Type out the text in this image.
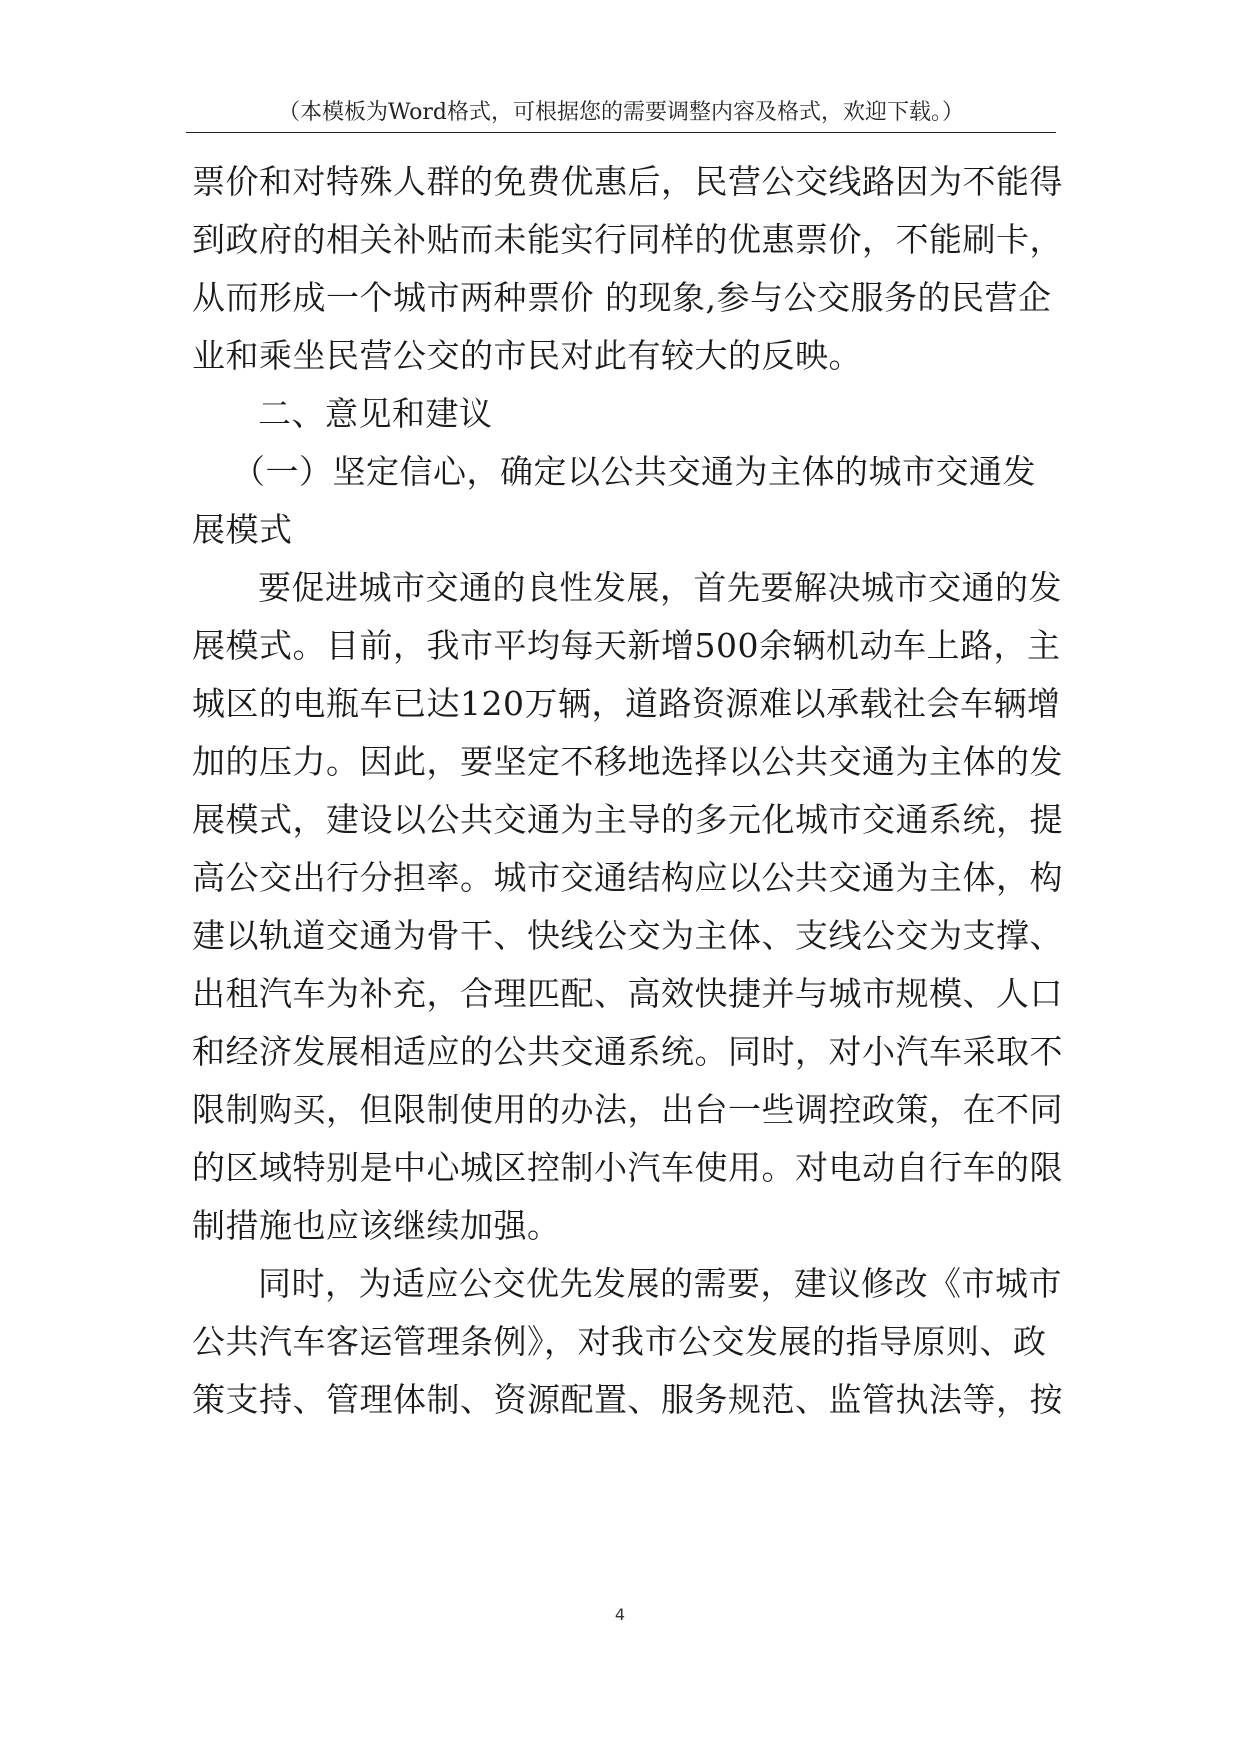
（本模板为Word格式，可根据您的需要调整内容及格式，欢迎下载。）
票价和对特殊人群的免费优惠后，民营公交线路因为不能得
到政府的相关补贴而未能实行同样的优惠票价，不能刷卡，
从而形成一个城市两种票价 的现象,参与公交服务的民营企
业和乘坐民营公交的市民对此有较大的反映。
二、意见和建议
（一）坚定信心，确定以公共交通为主体的城市交通发
展模式
要促进城市交通的良性发展，首先要解决城市交通的发
展模式。目前，我市平均每天新增500余辆机动车上路，主
城区的电瓶车已达120万辆，道路资源难以承载社会车辆增
加的压力。因此，要坚定不移地选择以公共交通为主体的发
展模式，建设以公共交通为主导的多元化城市交通系统，提
高公交出行分担率。城市交通结构应以公共交通为主体，构
建以轨道交通为骨干、快线公交为主体、支线公交为支撑、
出租汽车为补充，合理匹配、高效快捷并与城市规模、人口
和经济发展相适应的公共交通系统。同时，对小汽车采取不
限制购买，但限制使用的办法，出台一些调控政策，在不同
的区域特别是中心城区控制小汽车使用。对电动自行车的限
制措施也应该继续加强。
同时，为适应公交优先发展的需要，建议修改《市城市
公共汽车客运管理条例》，对我市公交发展的指导原则、政
策支持、管理体制、资源配置、服务规范、监管执法等，按
4
